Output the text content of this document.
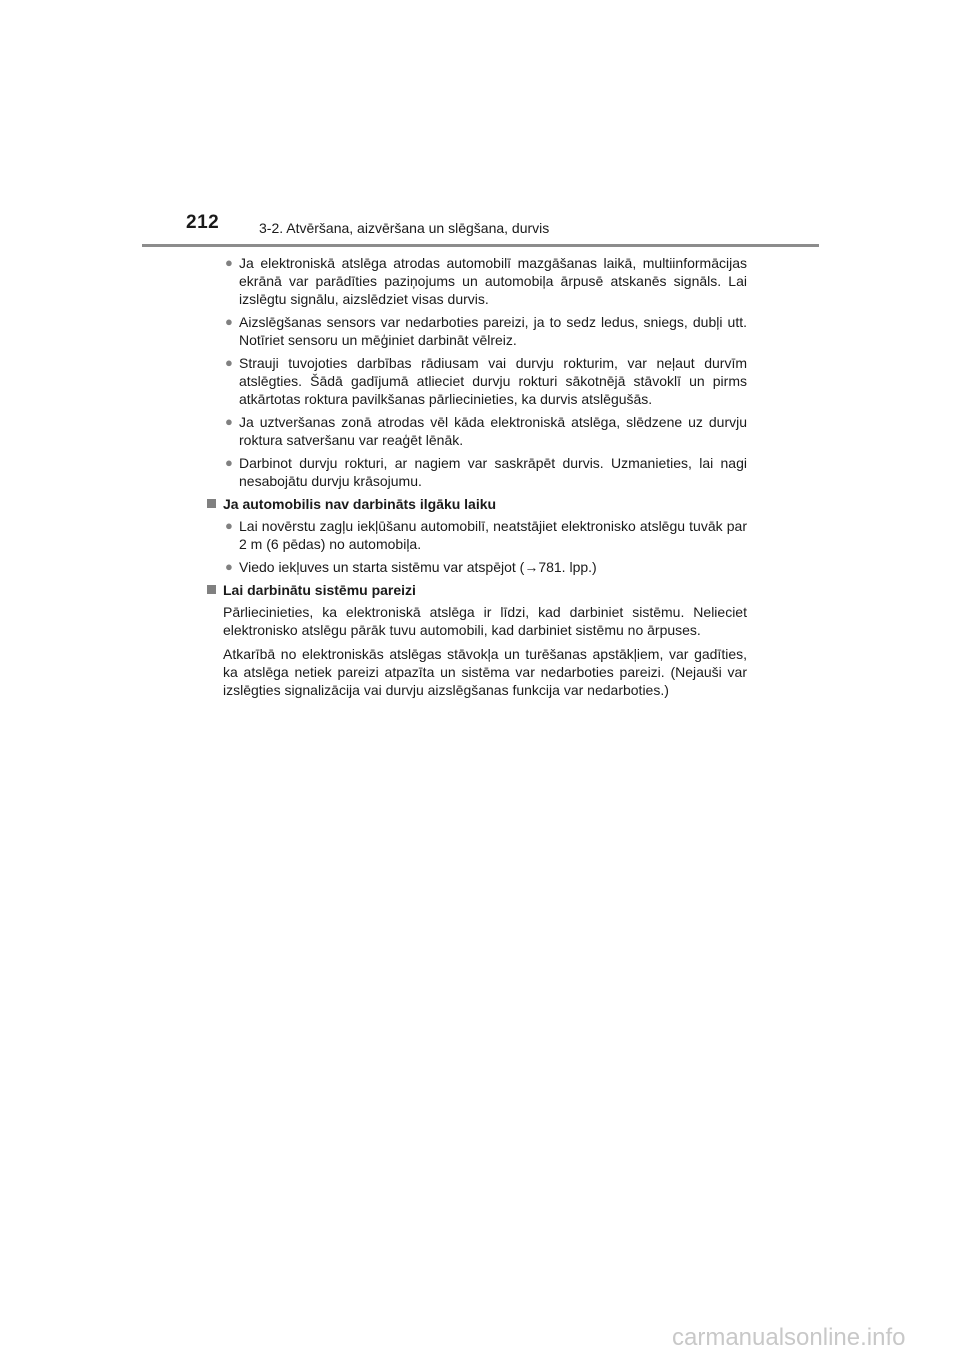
212	3-2. Atvēršana, aizvēršana un slēgšana, durvis
● Ja elektroniskā atslēga atrodas automobilī mazgāšanas laikā, multiinformācijas ekrānā var parādīties paziņojums un automobiļa ārpusē atskanēs signāls. Lai izslēgtu signālu, aizslēdziet visas durvis.
● Aizslēgšanas sensors var nedarboties pareizi, ja to sedz ledus, sniegs, dubļi utt. Notīriet sensoru un mēģiniet darbināt vēlreiz.
● Strauji tuvojoties darbības rādiusam vai durvju rokturim, var neļaut durvīm atslēgties. Šādā gadījumā atlieciet durvju rokturi sākotnējā stāvoklī un pirms atkārtotas roktura pavilkšanas pārliecinieties, ka durvis atslēgušās.
● Ja uztveršanas zonā atrodas vēl kāda elektroniskā atslēga, slēdzene uz durvju roktura satveršanu var reaģēt lēnāk.
● Darbinot durvju rokturi, ar nagiem var saskrāpēt durvis. Uzmanieties, lai nagi nesabojātu durvju krāsojumu.
Ja automobilis nav darbināts ilgāku laiku
● Lai novērstu zagļu iekļūšanu automobilī, neatstājiet elektronisko atslēgu tuvāk par 2 m (6 pēdas) no automobiļa.
● Viedo iekļuves un starta sistēmu var atspējot (→781. lpp.)
Lai darbinātu sistēmu pareizi
Pārliecinieties, ka elektroniskā atslēga ir līdzi, kad darbiniet sistēmu. Nelieciet elektronisko atslēgu pārāk tuvu automobili, kad darbiniet sistēmu no ārpuses.
Atkarībā no elektroniskās atslēgas stāvokļa un turēšanas apstākļiem, var gadīties, ka atslēga netiek pareizi atpazīta un sistēma var nedarboties pareizi. (Nejauši var izslēgties signalizācija vai durvju aizslēgšanas funkcija var nedarboties.)
carmanualsonline.info
